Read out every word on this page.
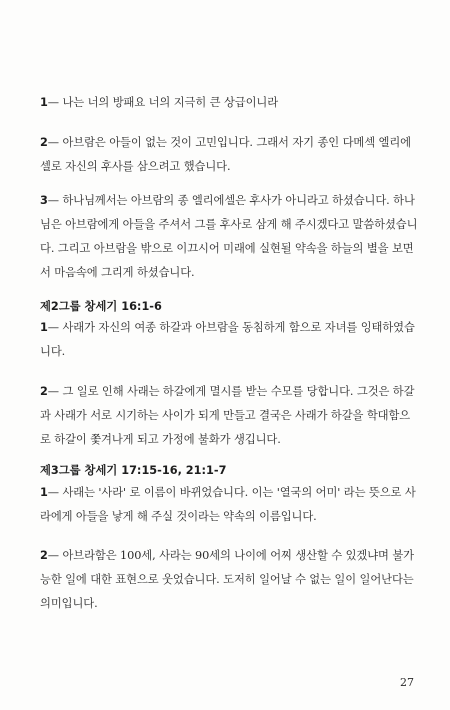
1— 나는 너의 방패요 너의 지극히 큰 상급이니라
2— 아브람은 아들이 없는 것이 고민입니다. 그래서 자기 종인 다메섹 엘리에셀로 자신의 후사를 삼으려고 했습니다.
3— 하나님께서는 아브람의 종 엘리에셀은 후사가 아니라고 하셨습니다. 하나님은 아브람에게 아들을 주셔서 그를 후사로 삼게 해 주시겠다고 말씀하셨습니다. 그리고 아브람을 밖으로 이끄시어 미래에 실현될 약속을 하늘의 별을 보면서 마음속에 그리게 하셨습니다.
제2그룹 창세기 16:1-6
1— 사래가 자신의 여종 하갈과 아브람을 동침하게 함으로 자녀를 잉태하였습니다.
2— 그 일로 인해 사래는 하갈에게 멸시를 받는 수모를 당합니다. 그것은 하갈과 사래가 서로 시기하는 사이가 되게 만들고 결국은 사래가 하갈을 학대함으로 하갈이 쫓겨나게 되고 가정에 불화가 생깁니다.
제3그룹 창세기 17:15-16, 21:1-7
1— 사래는 '사라' 로 이름이 바뀌었습니다. 이는 '열국의 어미' 라는 뜻으로 사라에게 아들을 낳게 해 주실 것이라는 약속의 이름입니다.
2— 아브라함은 100세, 사라는 90세의 나이에 어찌 생산할 수 있겠냐며 불가능한 일에 대한 표현으로 웃었습니다. 도저히 일어날 수 없는 일이 일어난다는 의미입니다.
27
